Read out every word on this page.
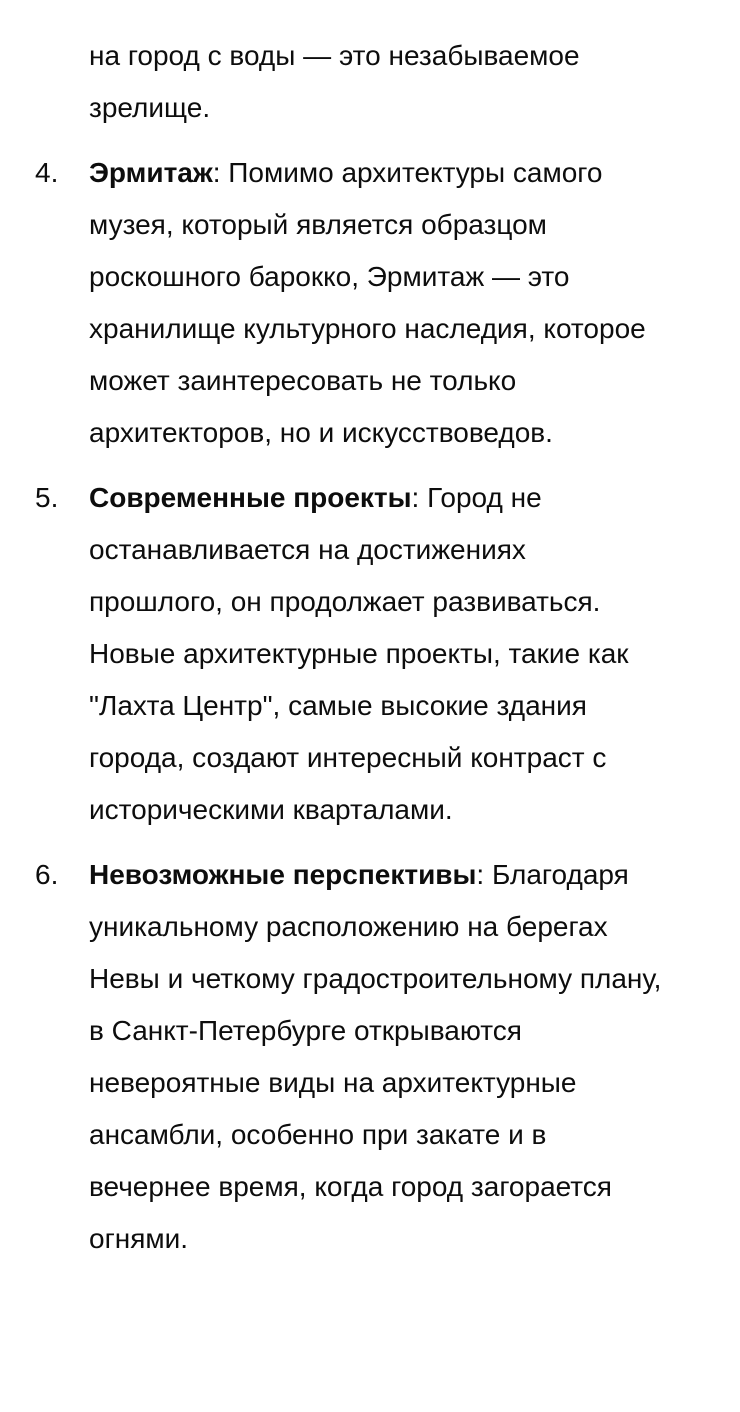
на город с воды — это незабываемое
зрелище.
4. Эрмитаж: Помимо архитектуры самого
музея, который является образцом
роскошного барокко, Эрмитаж — это
хранилище культурного наследия, которое
может заинтересовать не только
архитекторов, но и искусствоведов.
5. Современные проекты: Город не
останавливается на достижениях
прошлого, он продолжает развиваться.
Новые архитектурные проекты, такие как
"Лахта Центр", самые высокие здания
города, создают интересный контраст с
историческими кварталами.
6. Невозможные перспективы: Благодаря
уникальному расположению на берегах
Невы и четкому градостроительному плану,
в Санкт-Петербурге открываются
невероятные виды на архитектурные
ансамбли, особенно при закате и в
вечернее время, когда город загорается
огнями.
